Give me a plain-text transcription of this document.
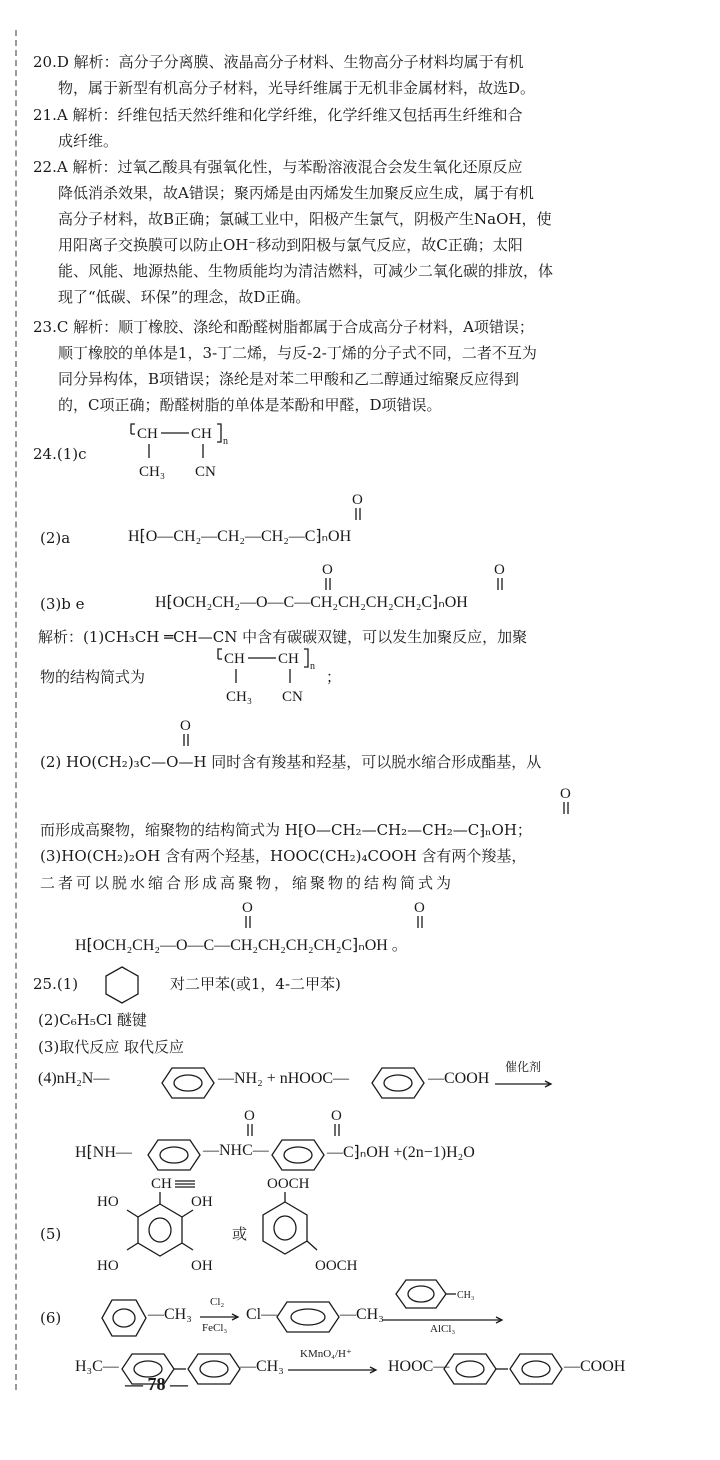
20.D 解析：高分子分离膜、液晶高分子材料、生物高分子材料均属于有机
物，属于新型有机高分子材料，光导纤维属于无机非金属材料，故选D。
21.A 解析：纤维包括天然纤维和化学纤维，化学纤维又包括再生纤维和合
成纤维。
22.A 解析：过氧乙酸具有强氧化性，与苯酚溶液混合会发生氧化还原反应
降低消杀效果，故A错误；聚丙烯是由丙烯发生加聚反应生成，属于有机
高分子材料，故B正确；氯碱工业中，阳极产生氯气，阴极产生NaOH，使
用阳离子交换膜可以防止OH⁻移动到阳极与氯气反应，故C正确；太阳
能、风能、地源热能、生物质能均为清洁燃料，可减少二氧化碳的排放，体
现了“低碳、环保”的理念，故D正确。
23.C 解析：顺丁橡胶、涤纶和酚醛树脂都属于合成高分子材料，A项错误；
顺丁橡胶的单体是1，3-丁二烯，与反-2-丁烯的分子式不同，二者不互为
同分异构体，B项错误；涤纶是对苯二甲酸和乙二醇通过缩聚反应得到
的，C项正确；酚醛树脂的单体是苯酚和甲醛，D项错误。
24.(1)c
CH CH n
CH₃ CN
O
(2)a	H⁅O—CH₂—CH₂—CH₂—C⁆ₙOH
O	O
(3)b e	H⁅OCH₂CH₂—O—C—CH₂CH₂CH₂CH₂C⁆ₙOH
解析：(1)CH₃CH ═CH—CN 中含有碳碳双键，可以发生加聚反应，加聚
物的结构简式为
CH CH n
CH₃ CN
；
O
(2) HO(CH₂)₃C—O—H 同时含有羧基和羟基，可以脱水缩合形成酯基，从
O
而形成高聚物，缩聚物的结构简式为 H⁅O—CH₂—CH₂—CH₂—C⁆ₙOH；
(3)HO(CH₂)₂OH 含有两个羟基，HOOC(CH₂)₄COOH 含有两个羧基，
二者可以脱水缩合形成高聚物，缩聚物的结构简式为
O	O
H⁅OCH₂CH₂—O—C—CH₂CH₂CH₂CH₂C⁆ₙOH 。
25.(1)	对二甲苯(或1，4-二甲苯)
(2)C₆H₅Cl 醚键
(3)取代反应 取代反应
(4)nH₂N—	—NH₂ + nHOOC—	—COOH
催化剂
O	O
H⁅NH—	—NHC—	—C⁆ₙOH +(2n−1)H₂O
(5)
CH
HO	OH
HO	OH
或
OOCH
OOCH
(6)	—CH₃
Cl₂
FeCl₃
Cl—	—CH₃
CH₃
AlCl₃
H₃C—	—CH₃
KMnO₄/H⁺
HOOC—	—COOH
— 78 —
